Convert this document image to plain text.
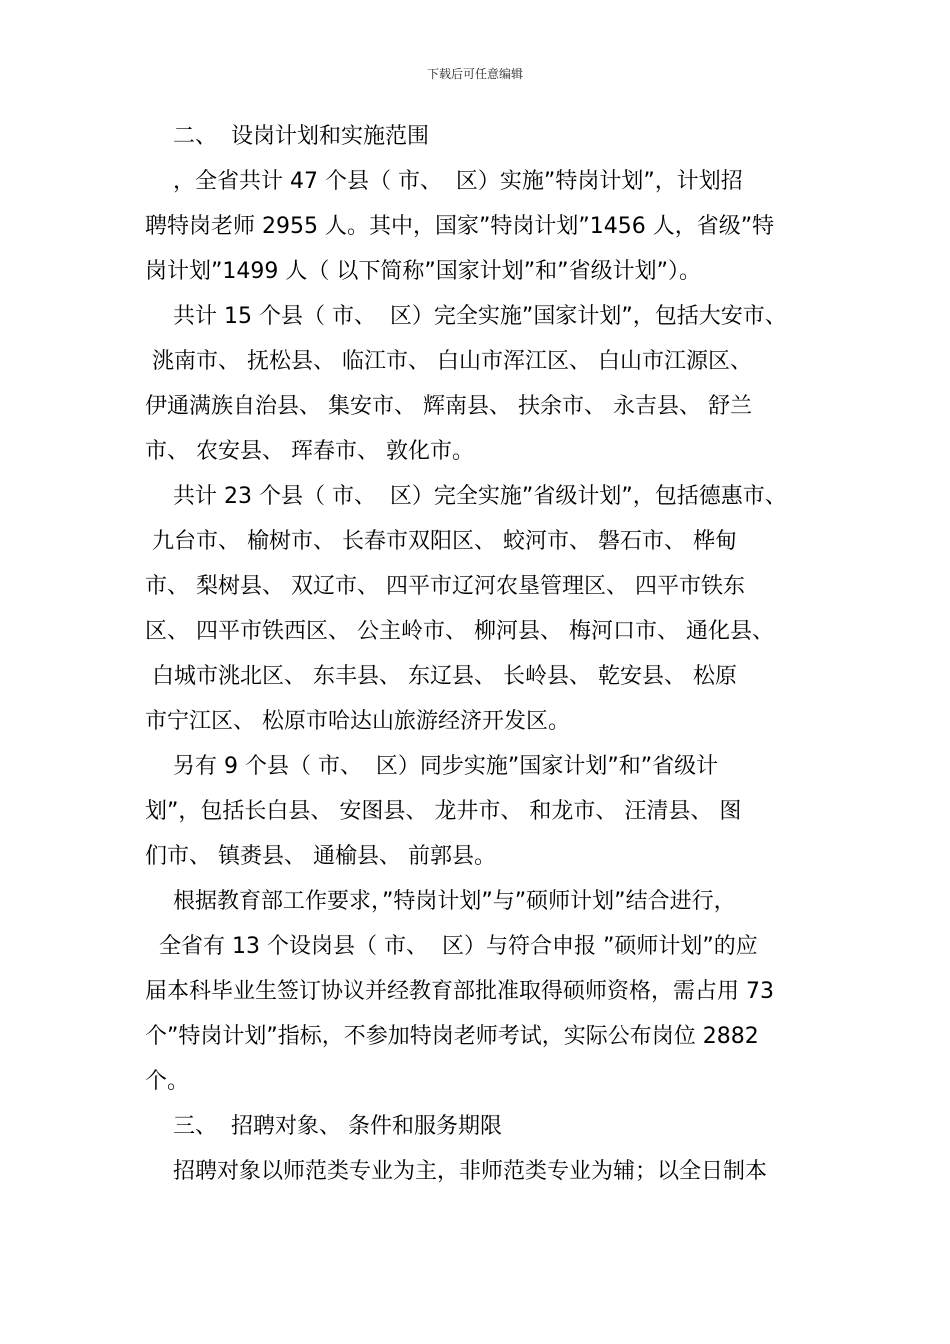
下载后可任意编辑
二、  设岗计划和实施范围
，全省共计 47 个县（ 市、  区）实施”特岗计划”，计划招
聘特岗老师 2955 人。其中，国家”特岗计划”1456 人，省级”特
岗计划”1499 人（ 以下简称”国家计划”和”省级计划”）。
共计 15 个县（ 市、  区）完全实施”国家计划”，包括大安市、
洮南市、 抚松县、 临江市、 白山市浑江区、 白山市江源区、
伊通满族自治县、 集安市、 辉南县、 扶余市、 永吉县、 舒兰
市、 农安县、 珲春市、 敦化市。
共计 23 个县（ 市、  区）完全实施”省级计划”，包括德惠市、
九台市、 榆树市、 长春市双阳区、 蛟河市、 磐石市、 桦甸
市、 梨树县、 双辽市、 四平市辽河农垦管理区、 四平市铁东
区、 四平市铁西区、 公主岭市、 柳河县、 梅河口市、 通化县、
白城市洮北区、 东丰县、 东辽县、 长岭县、 乾安县、 松原
市宁江区、 松原市哈达山旅游经济开发区。
另有 9 个县（ 市、  区）同步实施”国家计划”和”省级计
划”，包括长白县、 安图县、 龙井市、 和龙市、 汪清县、 图
们市、 镇赉县、 通榆县、 前郭县。
根据教育部工作要求，”特岗计划”与”硕师计划”结合进行，
全省有 13 个设岗县（ 市、  区）与符合申报 ”硕师计划”的应
届本科毕业生签订协议并经教育部批准取得硕师资格，需占用 73
个”特岗计划”指标，不参加特岗老师考试，实际公布岗位 2882
个。
三、  招聘对象、 条件和服务期限
招聘对象以师范类专业为主，非师范类专业为辅；以全日制本
